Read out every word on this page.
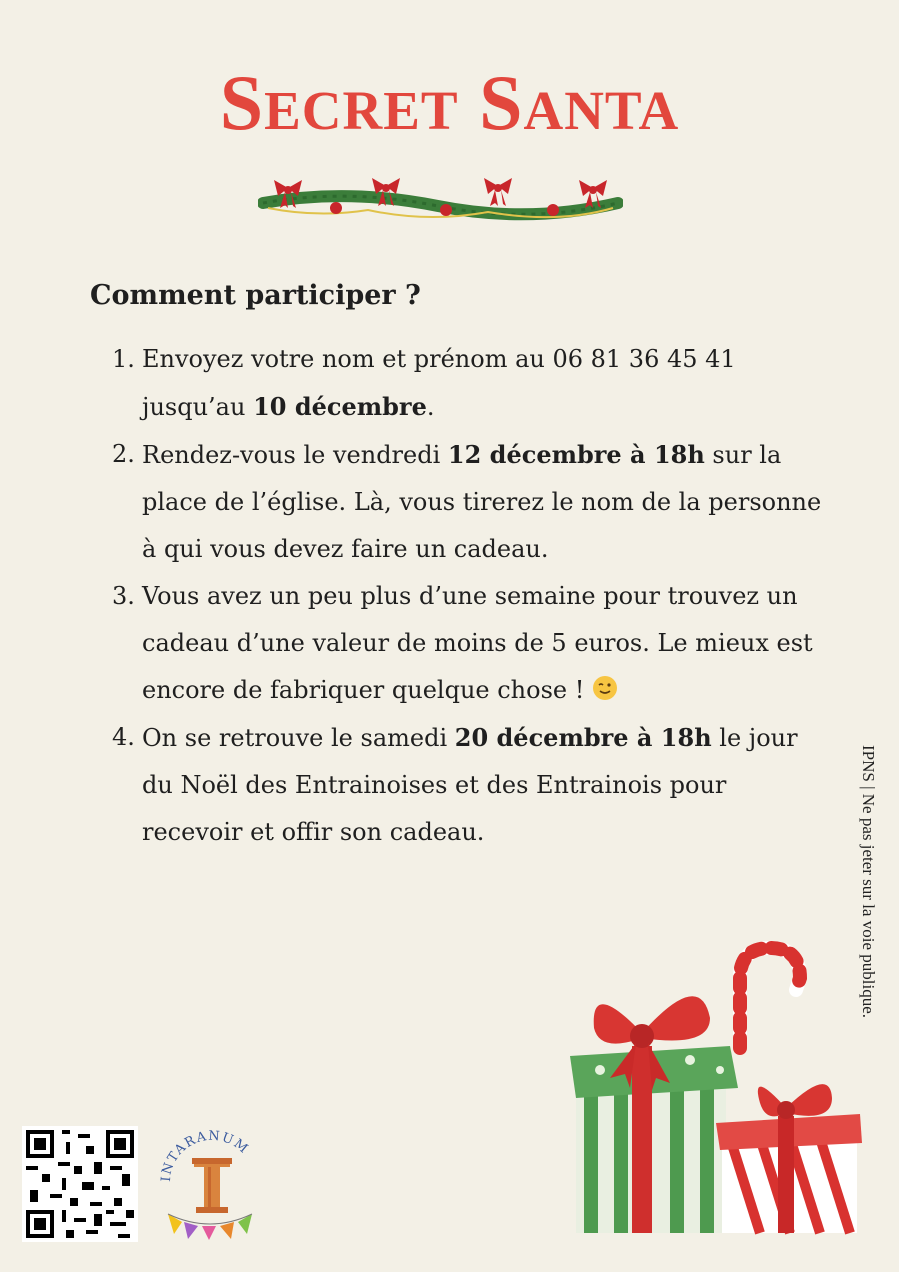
Secret Santa
Comment participer ?
1. Envoyez votre nom et prénom au 06 81 36 45 41 jusqu’au 10 décembre.
2. Rendez-vous le vendredi 12 décembre à 18h sur la place de l’église. Là, vous tirerez le nom de la personne à qui vous devez faire un cadeau.
3. Vous avez un peu plus d’une semaine pour trouvez un cadeau d’une valeur de moins de 5 euros. Le mieux est encore de fabriquer quelque chose !
4. On se retrouve le samedi 20 décembre à 18h le jour du Noël des Entrainoises et des Entrainois pour recevoir et offir son cadeau.	IPNS | Ne pas jeter sur la voie publique.
INTARANUM
